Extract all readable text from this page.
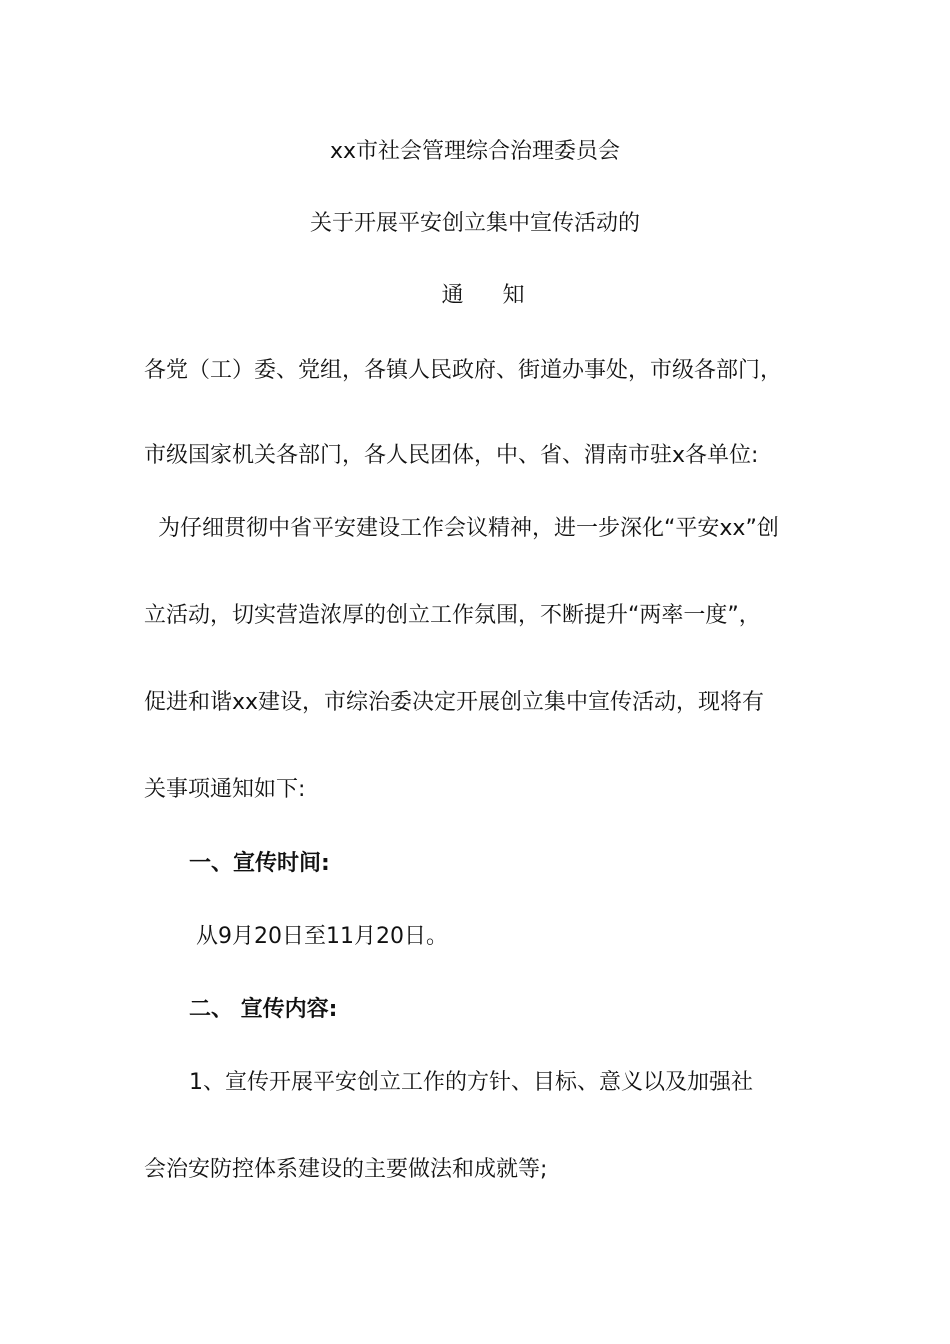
xx市社会管理综合治理委员会
关于开展平安创立集中宣传活动的
通 知
各党（工）委、党组，各镇人民政府、街道办事处，市级各部门，
市级国家机关各部门，各人民团体，中、省、渭南市驻x各单位:
为仔细贯彻中省平安建设工作会议精神，进一步深化“平安xx”创
立活动，切实营造浓厚的创立工作氛围，不断提升“两率一度”，
促进和谐xx建设，市综治委决定开展创立集中宣传活动，现将有
关事项通知如下:
一、宣传时间:
从9月20日至11月20日。
二、 宣传内容:
1、宣传开展平安创立工作的方针、目标、意义以及加强社
会治安防控体系建设的主要做法和成就等;
